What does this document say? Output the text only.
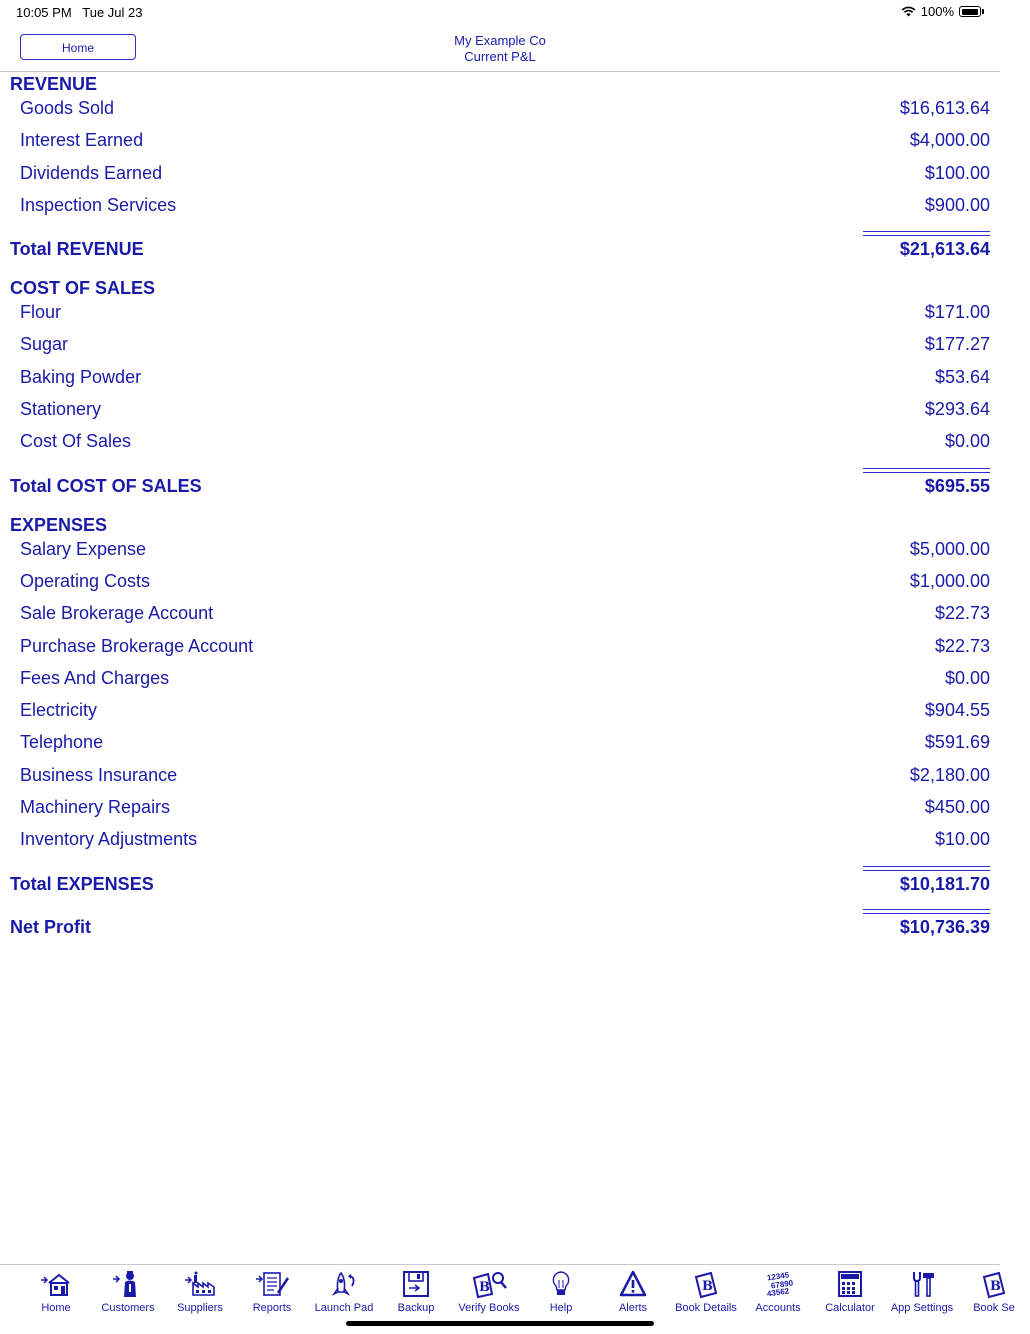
10:05 PM Tue Jul 23	100%
Home	My Example Co
Current P&L
REVENUE
Goods Sold	$16,613.64
Interest Earned	$4,000.00
Dividends Earned	$100.00
Inspection Services	$900.00
Total REVENUE	$21,613.64
COST OF SALES
Flour	$171.00
Sugar	$177.27
Baking Powder	$53.64
Stationery	$293.64
Cost Of Sales	$0.00
Total COST OF SALES	$695.55
EXPENSES
Salary Expense	$5,000.00
Operating Costs	$1,000.00
Sale Brokerage Account	$22.73
Purchase Brokerage Account	$22.73
Fees And Charges	$0.00
Electricity	$904.55
Telephone	$591.69
Business Insurance	$2,180.00
Machinery Repairs	$450.00
Inventory Adjustments	$10.00
Total EXPENSES	$10,181.70
Net Profit	$10,736.39
Home	Customers	Suppliers	Reports	Launch Pad	Backup
B
Verify Books	Help	Alerts
B
Book Details
12345
67890
43562
Accounts	Calculator	App Settings
B
Book Se
